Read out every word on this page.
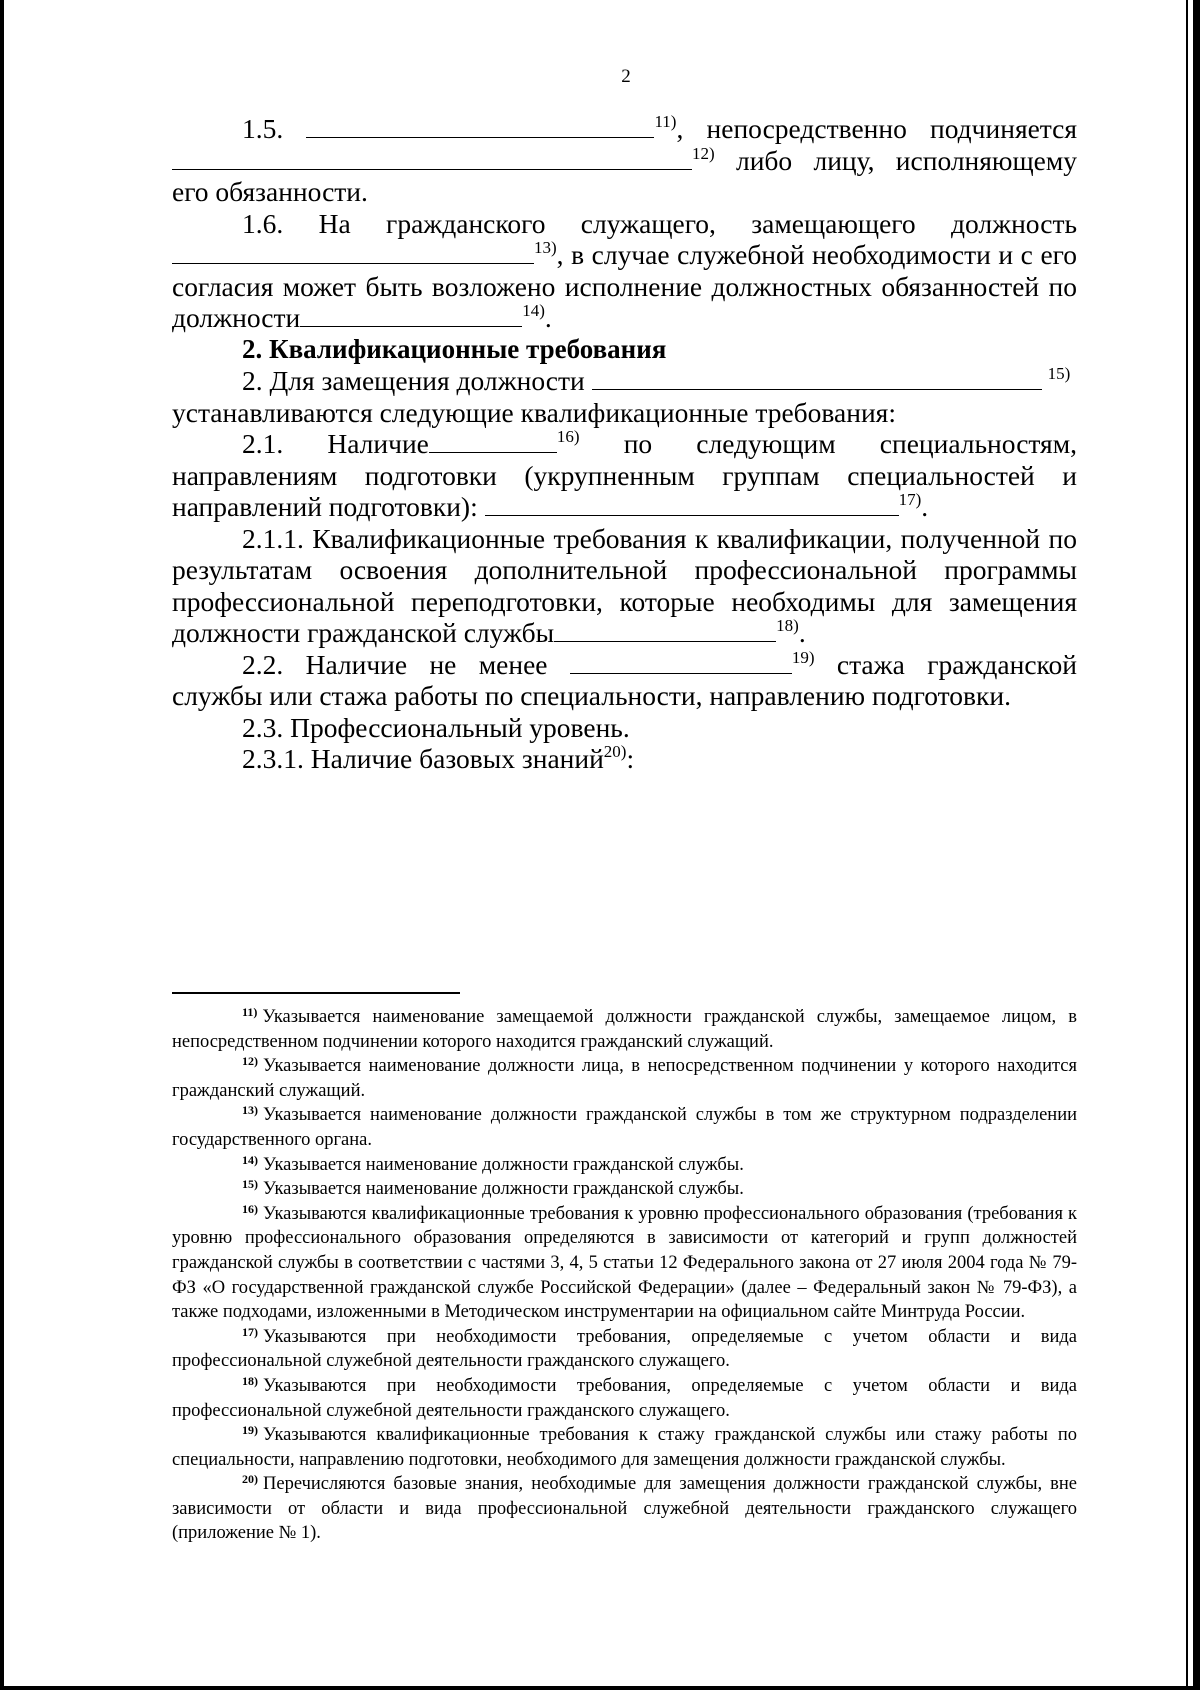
2

1.5.	$^{11)}$, непосредственно подчиняется $^{12)}$ либо лицу, исполняющему его обязанности.

1.6. На гражданского служащего, замещающего должность $^{13)}$, в случае служебной необходимости и с его согласия может быть возложено исполнение должностных обязанностей по должности	$^{14)}$.

2. Квалификационные требования

2. Для замещения должности	$^{15)}$

устанавливаются следующие квалификационные требования:

2.1. Наличие	$^{16)}$ по следующим специальностям, направлениям подготовки (укрупненным группам специальностей и направлений подготовки):	$^{17)}$.

2.1.1. Квалификационные требования к квалификации, полученной по результатам освоения дополнительной профессиональной программы профессиональной переподготовки, которые необходимы для замещения должности гражданской службы	$^{18)}$.

2.2. Наличие не менее	$^{19)}$ стажа гражданской службы или стажа работы по специальности, направлению подготовки.

2.3. Профессиональный уровень.

2.3.1. Наличие базовых знаний$^{20)}$:

$^{11)}$ Указывается наименование замещаемой должности гражданской службы, замещаемое лицом, в непосредственном подчинении которого находится гражданский служащий.

$^{12)}$ Указывается наименование должности лица, в непосредственном подчинении у которого находится гражданский служащий.

$^{13)}$ Указывается наименование должности гражданской службы в том же структурном подразделении государственного органа.

$^{14)}$ Указывается наименование должности гражданской службы.

$^{15)}$ Указывается наименование должности гражданской службы.

$^{16)}$ Указываются квалификационные требования к уровню профессионального образования (требования к уровню профессионального образования определяются в зависимости от категорий и групп должностей гражданской службы в соответствии с частями 3, 4, 5 статьи 12 Федерального закона от 27 июля 2004 года № 79-ФЗ «О государственной гражданской службе Российской Федерации» (далее – Федеральный закон № 79-ФЗ), а также подходами, изложенными в Методическом инструментарии на официальном сайте Минтруда России.

$^{17)}$ Указываются при необходимости требования, определяемые с учетом области и вида профессиональной служебной деятельности гражданского служащего.

$^{18)}$ Указываются при необходимости требования, определяемые с учетом области и вида профессиональной служебной деятельности гражданского служащего.

$^{19)}$ Указываются квалификационные требования к стажу гражданской службы или стажу работы по специальности, направлению подготовки, необходимого для замещения должности гражданской службы.

$^{20)}$ Перечисляются базовые знания, необходимые для замещения должности гражданской службы, вне зависимости от области и вида профессиональной служебной деятельности гражданского служащего (приложение № 1).
